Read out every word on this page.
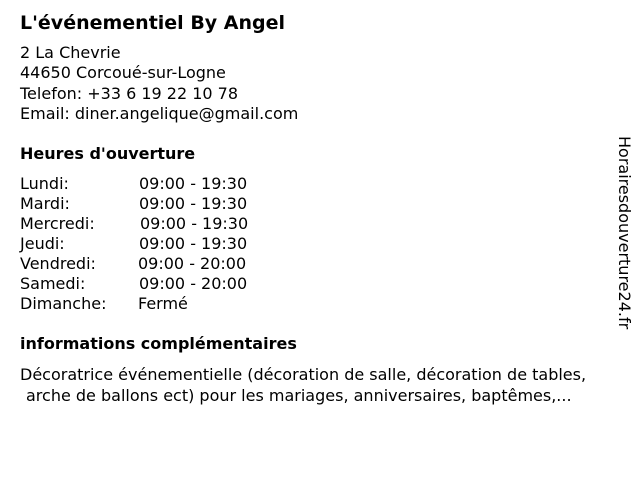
L'événementiel By Angel
2 La Chevrie
44650 Corcoué-sur-Logne
Telefon: +33 6 19 22 10 78
Email: diner.angelique@gmail.com
Heures d'ouverture
Lundi:	09:00 - 19:30
Mardi:	09:00 - 19:30
Mercredi:	09:00 - 19:30
Jeudi:	09:00 - 19:30
Vendredi:	09:00 - 20:00
Samedi:	09:00 - 20:00
Dimanche: Fermé
informations complémentaires
Décoratrice événementielle (décoration de salle, décoration de tables,
arche de ballons ect) pour les mariages, anniversaires, baptêmes,...
Horairesdouverture24.fr
